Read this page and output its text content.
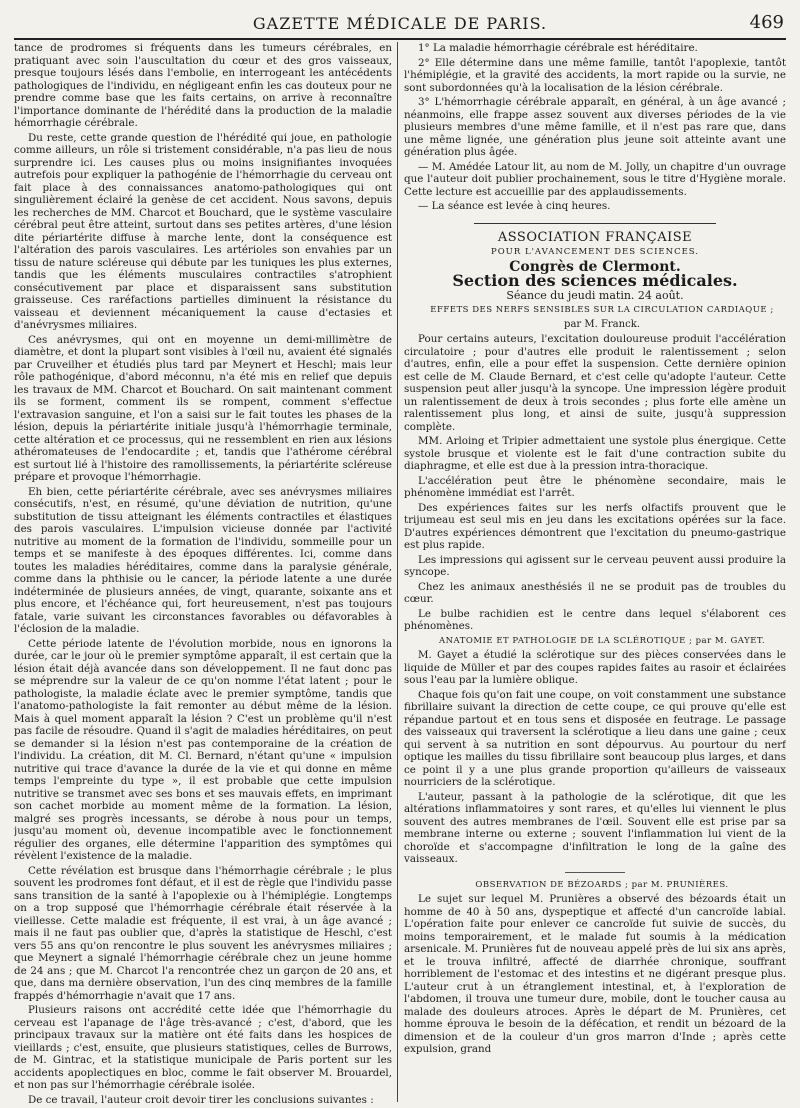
GAZETTE MÉDICALE DE PARIS.	469

tance de prodromes si fréquents dans les tumeurs cérébrales, en pratiquant avec soin l'auscultation du cœur et des gros vaisseaux, presque toujours lésés dans l'embolie, en interrogeant les antécédents pathologiques de l'individu, en négligeant enfin les cas douteux pour ne prendre comme base que les faits certains, on arrive à reconnaître l'importance dominante de l'hérédité dans la production de la maladie hémorrhagie cérébrale.

Du reste, cette grande question de l'hérédité qui joue, en pathologie comme ailleurs, un rôle si tristement considérable, n'a pas lieu de nous surprendre ici. Les causes plus ou moins insignifiantes invoquées autrefois pour expliquer la pathogénie de l'hémorrhagie du cerveau ont fait place à des connaissances anatomo-pathologiques qui ont singulièrement éclairé la genèse de cet accident. Nous savons, depuis les recherches de MM. Charcot et Bouchard, que le système vasculaire cérébral peut être atteint, surtout dans ses petites artères, d'une lésion dite périartérite diffuse à marche lente, dont la conséquence est l'altération des parois vasculaires. Les artérioles son envahies par un tissu de nature scléreuse qui débute par les tuniques les plus externes, tandis que les éléments musculaires contractiles s'atrophient consécutivement par place et disparaissent sans substitution graisseuse. Ces raréfactions partielles diminuent la résistance du vaisseau et deviennent mécaniquement la cause d'ectasies et d'anévrysmes miliaires.

Ces anévrysmes, qui ont en moyenne un demi-millimètre de diamètre, et dont la plupart sont visibles à l'œil nu, avaient été signalés par Cruveilher et étudiés plus tard par Meynert et Heschl; mais leur rôle pathogénique, d'abord méconnu, n'a été mis en relief que depuis les travaux de MM. Charcot et Bouchard. On sait maintenant comment ils se forment, comment ils se rompent, comment s'effectue l'extravasion sanguine, et l'on a saisi sur le fait toutes les phases de la lésion, depuis la périartérite initiale jusqu'à l'hémorrhagie terminale, cette altération et ce processus, qui ne ressemblent en rien aux lésions athéromateuses de l'endocardite ; et, tandis que l'athérome cérébral est surtout lié à l'histoire des ramollissements, la périartérite scléreuse prépare et provoque l'hémorrhagie.

Eh bien, cette périartérite cérébrale, avec ses anévrysmes miliaires consécutifs, n'est, en résumé, qu'une déviation de nutrition, qu'une substitution de tissu atteignant les éléments contractiles et élastiques des parois vasculaires. L'impulsion vicieuse donnée par l'activité nutritive au moment de la formation de l'individu, sommeille pour un temps et se manifeste à des époques différentes. Ici, comme dans toutes les maladies héréditaires, comme dans la paralysie générale, comme dans la phthisie ou le cancer, la période latente a une durée indéterminée de plusieurs années, de vingt, quarante, soixante ans et plus encore, et l'échéance qui, fort heureusement, n'est pas toujours fatale, varie suivant les circonstances favorables ou défavorables à l'éclosion de la maladie.

Cette période latente de l'évolution morbide, nous en ignorons la durée, car le jour où le premier symptôme apparaît, il est certain que la lésion était déjà avancée dans son développement. Il ne faut donc pas se méprendre sur la valeur de ce qu'on nomme l'état latent ; pour le pathologiste, la maladie éclate avec le premier symptôme, tandis que l'anatomo-pathologiste la fait remonter au début même de la lésion. Mais à quel moment apparaît la lésion ? C'est un problème qu'il n'est pas facile de résoudre. Quand il s'agit de maladies héréditaires, on peut se demander si la lésion n'est pas contemporaine de la création de l'individu. La création, dit M. Cl. Bernard, n'étant qu'une « impulsion nutritive qui trace d'avance la durée de la vie et qui donne en même temps l'empreinte du type », il est probable que cette impulsion nutritive se transmet avec ses bons et ses mauvais effets, en imprimant son cachet morbide au moment même de la formation. La lésion, malgré ses progrès incessants, se dérobe à nous pour un temps, jusqu'au moment où, devenue incompatible avec le fonctionnement régulier des organes, elle détermine l'apparition des symptômes qui révèlent l'existence de la maladie.

Cette révélation est brusque dans l'hémorrhagie cérébrale ; le plus souvent les prodromes font défaut, et il est de règle que l'individu passe sans transition de la santé à l'apoplexie ou à l'hémiplégie. Longtemps on a trop supposé que l'hémorrhagie cérébrale était réservée à la vieillesse. Cette maladie est fréquente, il est vrai, à un âge avancé ; mais il ne faut pas oublier que, d'après la statistique de Heschl, c'est vers 55 ans qu'on rencontre le plus souvent les anévrysmes miliaires ; que Meynert a signalé l'hémorrhagie cérébrale chez un jeune homme de 24 ans ; que M. Charcot l'a rencontrée chez un garçon de 20 ans, et que, dans ma dernière observation, l'un des cinq membres de la famille frappés d'hémorrhagie n'avait que 17 ans.

Plusieurs raisons ont accrédité cette idée que l'hémorrhagie du cerveau est l'apanage de l'âge très-avancé ; c'est, d'abord, que les principaux travaux sur la matière ont été faits dans les hospices de vieillards ; c'est, ensuite, que plusieurs statistiques, celles de Burrows, de M. Gintrac, et la statistique municipale de Paris portent sur les accidents apoplectiques en bloc, comme le fait observer M. Brouardel, et non pas sur l'hémorrhagie cérébrale isolée.

De ce travail, l'auteur croit devoir tirer les conclusions suivantes :

1° La maladie hémorrhagie cérébrale est héréditaire.

2° Elle détermine dans une même famille, tantôt l'apoplexie, tantôt l'hémiplégie, et la gravité des accidents, la mort rapide ou la survie, ne sont subordonnées qu'à la localisation de la lésion cérébrale.

3° L'hémorrhagie cérébrale apparaît, en général, à un âge avancé ; néanmoins, elle frappe assez souvent aux diverses périodes de la vie plusieurs membres d'une même famille, et il n'est pas rare que, dans une même lignée, une génération plus jeune soit atteinte avant une génération plus âgée.

— M. Amédée Latour lit, au nom de M. Jolly, un chapitre d'un ouvrage que l'auteur doit publier prochainement, sous le titre d'Hygiène morale. Cette lecture est accueillie par des applaudissements.

— La séance est levée à cinq heures.

ASSOCIATION FRANÇAISE

POUR L'AVANCEMENT DES SCIENCES.

Congrès de Clermont.

Section des sciences médicales.

Séance du jeudi matin. 24 août.

EFFETS DES NERFS SENSIBLES SUR LA CIRCULATION CARDIAQUE ;

par M. Franck.

Pour certains auteurs, l'excitation douloureuse produit l'accélération circulatoire ; pour d'autres elle produit le ralentissement ; selon d'autres, enfin, elle a pour effet la suspension. Cette dernière opinion est celle de M. Claude Bernard, et c'est celle qu'adopte l'auteur. Cette suspension peut aller jusqu'à la syncope. Une impression légère produit un ralentissement de deux à trois secondes ; plus forte elle amène un ralentissement plus long, et ainsi de suite, jusqu'à suppression complète.

MM. Arloing et Tripier admettaient une systole plus énergique. Cette systole brusque et violente est le fait d'une contraction subite du diaphragme, et elle est due à la pression intra-thoracique.

L'accélération peut être le phénomène secondaire, mais le phénomène immédiat est l'arrêt.

Des expériences faites sur les nerfs olfactifs prouvent que le trijumeau est seul mis en jeu dans les excitations opérées sur la face. D'autres expériences démontrent que l'excitation du pneumo-gastrique est plus rapide.

Les impressions qui agissent sur le cerveau peuvent aussi produire la syncope.

Chez les animaux anesthésiés il ne se produit pas de troubles du cœur.

Le bulbe rachidien est le centre dans lequel s'élaborent ces phénomènes.

ANATOMIE ET PATHOLOGIE DE LA SCLÉROTIQUE ; par M. GAYET.

M. Gayet a étudié la sclérotique sur des pièces conservées dans le liquide de Müller et par des coupes rapides faites au rasoir et éclairées sous l'eau par la lumière oblique.

Chaque fois qu'on fait une coupe, on voit constamment une substance fibrillaire suivant la direction de cette coupe, ce qui prouve qu'elle est répandue partout et en tous sens et disposée en feutrage. Le passage des vaisseaux qui traversent la sclérotique a lieu dans une gaine ; ceux qui servent à sa nutrition en sont dépourvus. Au pourtour du nerf optique les mailles du tissu fibrillaire sont beaucoup plus larges, et dans ce point il y a une plus grande proportion qu'ailleurs de vaisseaux nourriciers de la sclérotique.

L'auteur, passant à la pathologie de la sclérotique, dit que les altérations inflammatoires y sont rares, et qu'elles lui viennent le plus souvent des autres membranes de l'œil. Souvent elle est prise par sa membrane interne ou externe ; souvent l'inflammation lui vient de la choroïde et s'accompagne d'infiltration le long de la gaîne des vaisseaux.

OBSERVATION DE BÉZOARDS ; par M. PRUNIÈRES.

Le sujet sur lequel M. Prunières a observé des bézoards était un homme de 40 à 50 ans, dyspeptique et affecté d'un cancroïde labial. L'opération faite pour enlever ce cancroïde fut suivie de succès, du moins temporairement, et le malade fut soumis à la médication arsenicale. M. Prunières fut de nouveau appelé près de lui six ans après, et le trouva infiltré, affecté de diarrhée chronique, souffrant horriblement de l'estomac et des intestins et ne digérant presque plus. L'auteur crut à un étranglement intestinal, et, à l'exploration de l'abdomen, il trouva une tumeur dure, mobile, dont le toucher causa au malade des douleurs atroces. Après le départ de M. Prunières, cet homme éprouva le besoin de la défécation, et rendit un bézoard de la dimension et de la couleur d'un gros marron d'Inde ; après cette expulsion, grand
